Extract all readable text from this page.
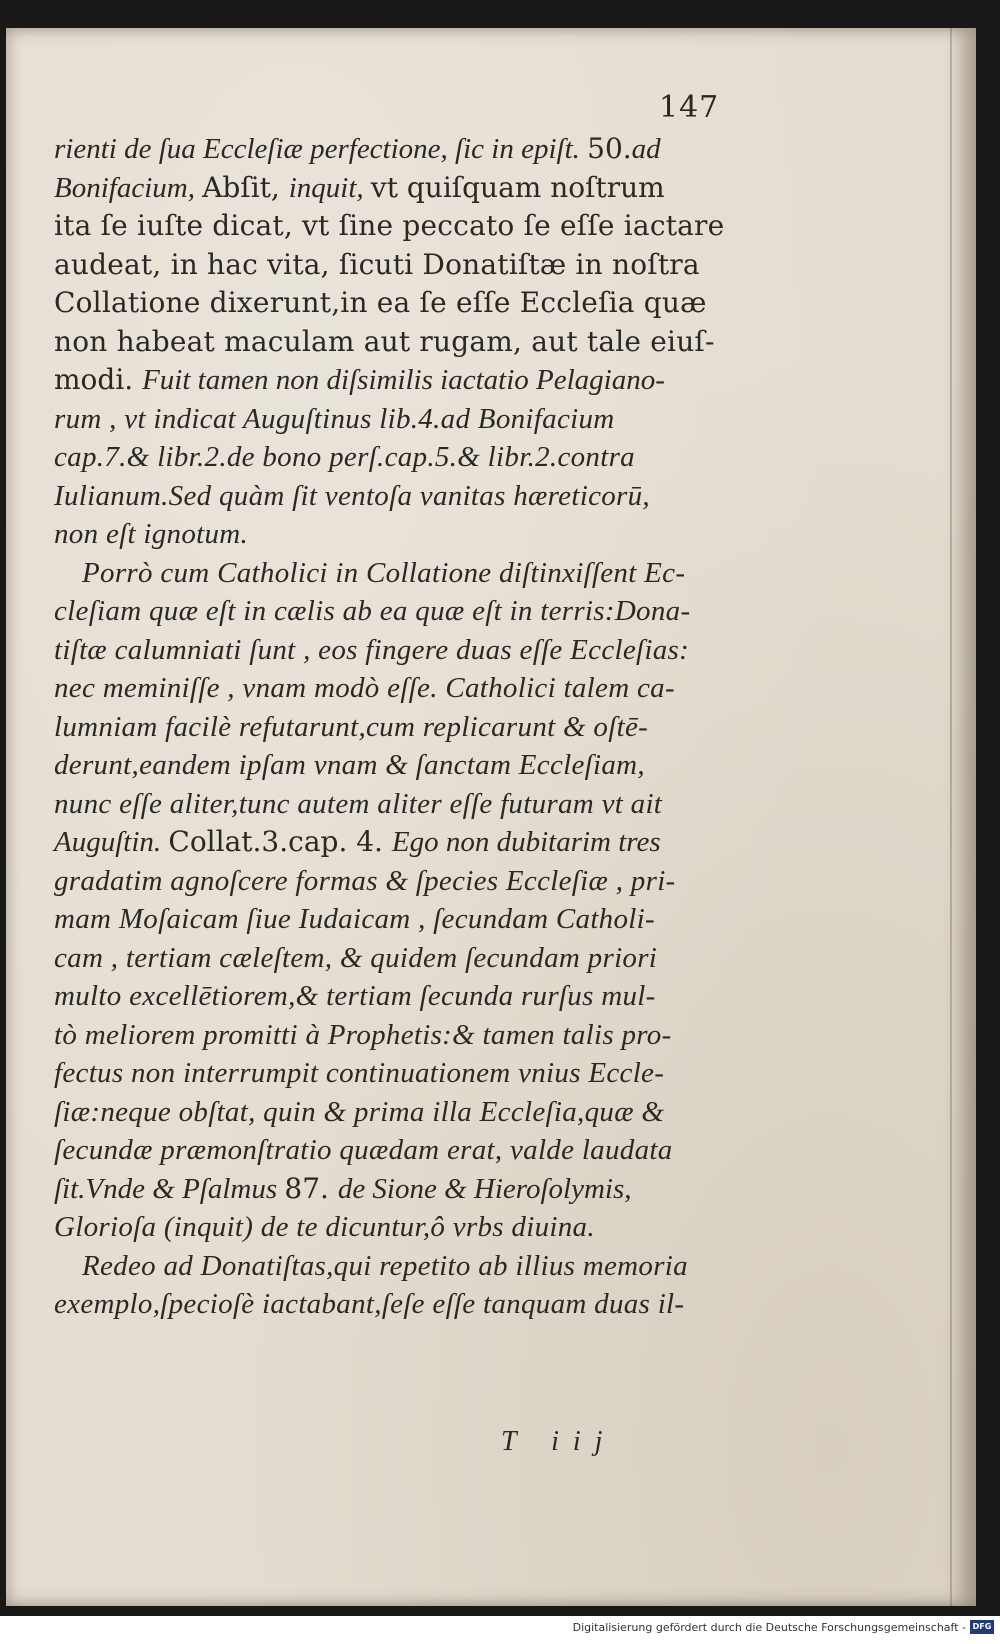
147
rienti de ſua Eccleſiæ perfectione, ſic in epiſt. 50.ad
Bonifacium, Abſit, inquit, vt quiſquam noſtrum
ita ſe iuſte dicat, vt ſine peccato ſe eſſe iactare
audeat, in hac vita, ſicuti Donatiſtæ in noſtra
Collatione dixerunt,in ea ſe eſſe Eccleſia quæ
non habeat maculam aut rugam, aut tale eiuſ-
modi. Fuit tamen non diſsimilis iactatio Pelagiano-
rum , vt indicat Auguſtinus lib.4.ad Bonifacium
cap.7.& libr.2.de bono perſ.cap.5.& libr.2.contra
Iulianum.Sed quàm ſit ventoſa vanitas hæreticorū,
non eſt ignotum.
Porrò cum Catholici in Collatione diſtinxiſſent Ec-
cleſiam quæ eſt in cælis ab ea quæ eſt in terris:Dona-
tiſtæ calumniati ſunt , eos fingere duas eſſe Eccleſias:
nec meminiſſe , vnam modò eſſe. Catholici talem ca-
lumniam facilè refutarunt,cum replicarunt & oſtē-
derunt,eandem ipſam vnam & ſanctam Eccleſiam,
nunc eſſe aliter,tunc autem aliter eſſe futuram vt ait
Auguſtin. Collat.3.cap. 4. Ego non dubitarim tres
gradatim agnoſcere formas & ſpecies Eccleſiæ , pri-
mam Moſaicam ſiue Iudaicam , ſecundam Catholi-
cam , tertiam cæleſtem, & quidem ſecundam priori
multo excellētiorem,& tertiam ſecunda rurſus mul-
tò meliorem promitti à Prophetis:& tamen talis pro-
fectus non interrumpit continuationem vnius Eccle-
ſiæ:neque obſtat, quin & prima illa Eccleſia,quæ &
ſecundæ præmonſtratio quædam erat, valde laudata
ſit.Vnde & Pſalmus 87. de Sione & Hieroſolymis,
Glorioſa (inquit) de te dicuntur,ô vrbs diuina.
Redeo ad Donatiſtas,qui repetito ab illius memoria
exemplo,ſpecioſè iactabant,ſeſe eſſe tanquam duas il-
T iij
Digitalisierung gefördert durch die Deutsche Forschungsgemeinschaft - DFG
